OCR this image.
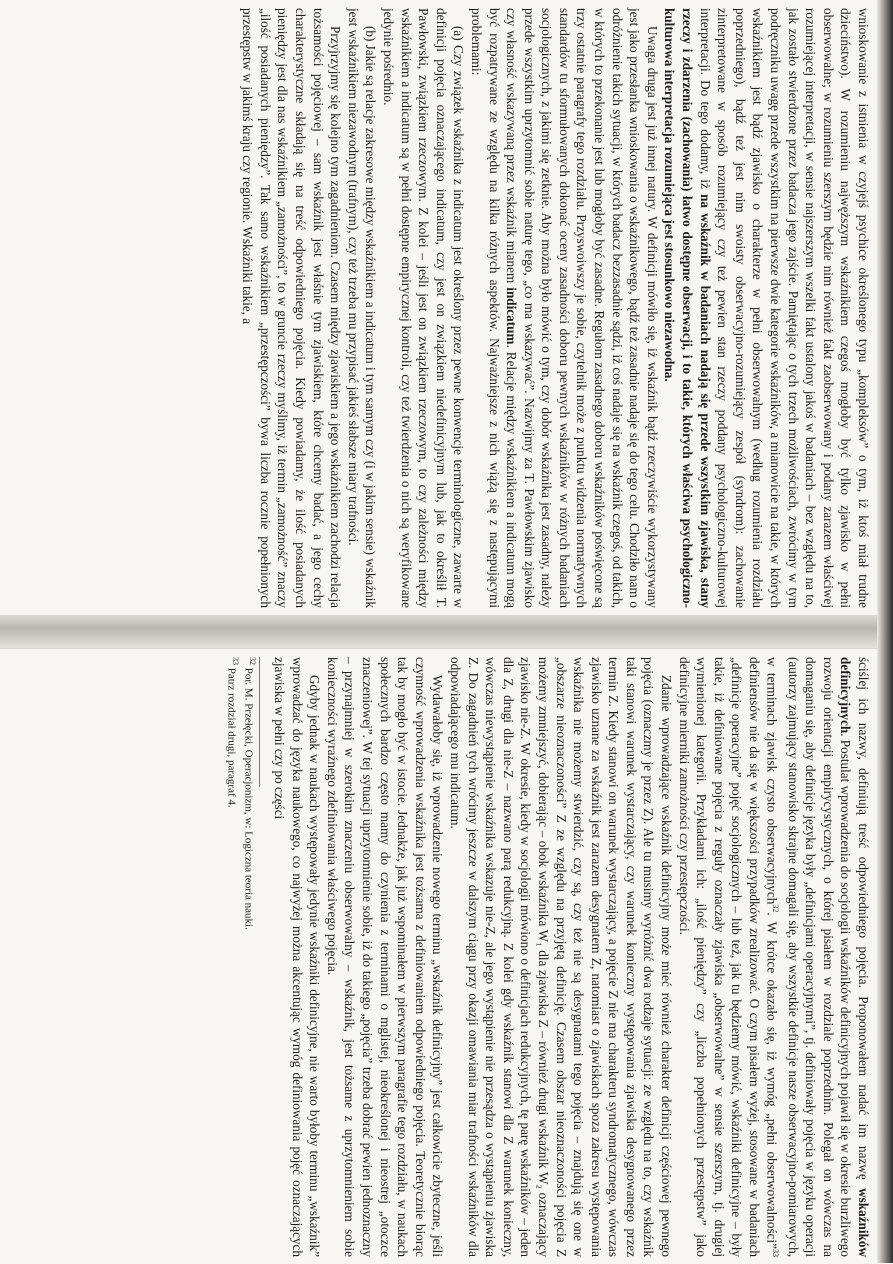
wnioskowanie z istnienia w czyjejś psychice określonego typu „kompleksów” o tym, iż ktoś miał trudne dzieciństwo). W rozumieniu najwęższym wskaźnikiem czegoś mogłoby być tylko zjawisko w pełni obserwowalne; w rozumieniu szerszym będzie nim również fakt zaobserwowany i podany zarazem właściwej rozumiejącej interpretacji, w sensie najszerszym wszelki fakt ustalony jakoś w badaniach – bez względu na to, jak zostało stwierdzone przez badacza jego zajście. Pamiętając o tych trzech możliwościach, zwrócimy w tym podręczniku uwagę przede wszystkim na pierwsze dwie kategorie wskaźników, a mianowicie na takie, w których wskaźnikiem jest bądź zjawisko o charakterze w pełni obserwowalnym (według rozumienia rozdziału poprzedniego), bądź też jest nim swoisty obserwacyjno-rozumiejący zespół (syndrom): zachowanie zinterpretowane w sposób rozumiejący czy też pewien stan rzeczy poddany psychologiczno-kulturowej interpretacji. Do tego dodamy, iż na wskaźnik w badaniach nadają się przede wszystkim zjawiska, stany rzeczy i zdarzenia (zachowania) łatwo dostępne obserwacji, i to takie, których właściwa psychologiczno-kulturowa interpretacja rozumiejąca jest stosunkowo niezawodna.

Uwaga druga jest już innej natury. W definicji mówiło się, iż wskaźnik bądź rzeczywiście wykorzystywany jest jako przesłanka wnioskowania o wskaźnikowego, bądź też zasadnie nadaje się do tego celu. Chodziło nam o odróżnienie takich sytuacji, w których badacz bezzasadnie sądzi, iż coś nadaje się na wskaźnik czegoś, od takich, w których to przekonanie jest lub mogłoby być zasadne. Regułom zasadnego doboru wskaźników poświęcone są trzy ostatnie paragrafy tego rozdziału. Przyswoiwszy je sobie, czytelnik może z punktu widzenia normatywnych standardów tu sformułowanych dokonać oceny zasadności doboru pewnych wskaźników w różnych badaniach socjologicznych, z jakimi się zetknie. Aby można było mówić o tym, czy dobór wskaźnika jest zasadny, należy przede wszystkim uprzytomnić sobie naturę tego, „co ma wskazywać”. Nazwijmy za T. Pawłowskim zjawisko czy własność wskazywaną przez wskaźnik mianem indicatum. Relacje między wskaźnikiem a indicatum mogą być rozpatrywane ze względu na kilka różnych aspektów. Najważniejsze z nich wiążą się z następującymi problemami:

(a) Czy związek wskaźnika z indicatum jest określony przez pewne konwencje terminologiczne, zawarte w definicji pojęcia oznaczającego indicatum, czy jest on związkiem niedefinicyjnym lub, jak to określił T. Pawłowski, związkiem rzeczowym. Z kolei – jeśli jest on związkiem rzeczowym, to czy zależności między wskaźnikiem a indicatum są w pełni dostępne empirycznej kontroli, czy też twierdzenia o nich są weryfikowane jedynie pośrednio.

(b) Jakie są relacje zakresowe między wskaźnikiem a indicatum i tym samym czy (i w jakim sensie) wskaźnik jest wskaźnikiem niezawodnym (trafnym), czy też trzeba mu przypisać jakieś słabsze miary trafności.

Przyjrzyjmy się kolejno tym zagadnieniom. Czasem między zjawiskiem a jego wskaźnikiem zachodzi relacja tożsamości pojęciowej – sam wskaźnik jest właśnie tym zjawiskiem, które chcemy badać, a jego cechy charakterystyczne składają się na treść odpowiedniego pojęcia. Kiedy powiadamy, że ilość posiadanych pieniędzy jest dla nas wskaźnikiem „zamożności”, to w gruncie rzeczy myślimy, iż termin „zamożność” znaczy „ilość posiadanych pieniędzy”. Tak samo wskaźnikiem „przestępczości” bywa liczba rocznie popełnionych przestępstw w jakimś kraju czy regionie. Wskaźniki takie, a

ściślej ich nazwy, definiują treść odpowiedniego pojęcia. Proponowałem nadać im nazwę wskaźników definicyjnych. Postulat wprowadzenia do socjologii wskaźników definicyjnych pojawił się w okresie burzliwego rozwoju orientacji empirycystycznych, o której pisałem w rozdziale poprzednim. Polegał on wówczas na domaganiu się, aby definicje języka były „definicjami operacyjnymi”, tj. definiowały pojęcia w języku operacji (autorzy zajmujący stanowisko skrajne domagali się, aby wszystkie definicje nasze obserwacyjno-pomiarowych, w terminach zjawisk czysto obserwacyjnych$^{32}$. W krótce okazało się, iż wymóg „pełni obserwowalności”$^{33}$ definiensów nie da się w większości przypadków zrealizować. O czym pisałem wyżej, stosowane w badaniach „definicje operacyjne” pojęć socjologicznych – lub też, jak tu będziemy mówić, wskaźniki definicyjne – były takie, iż definiowane pojęcia z reguły oznaczały zjawiska „obserwowalne” w sensie szerszym, tj. drugiej wymienionej kategorii. Przykładami ich: „ilość pieniędzy” czy „liczba popełnionych przestępstw” jako definicyjne mierniki zamożności czy przestępczości.

Zdanie wprowadzające wskaźnik definicyjny może mieć również charakter definicji częściowej pewnego pojęcia (oznaczmy je przez Z). Ale tu musimy wyróżnić dwa rodzaje sytuacji: ze względu na to, czy wskaźnik taki stanowi warunek wystarczający, czy warunek konieczny występowania zjawiska desygnowanego przez termin Z. Kiedy stanowi on warunek wystarczający, a pojęcie Z nie ma charakteru syndromatycznego, wówczas zjawisko uznane za wskaźnik jest zarazem desygnatem Z, natomiast o zjawiskach spoza zakresu występowania wskaźnika nie możemy stwierdzić, czy są, czy też nie są desygnatami tego pojęcia – znajdują się one w „obszarze nieoznaczoności” Z ze względu na przyjętą definicję. Czasem obszar nieoznaczoności pojęcia Z możemy zmniejszyć, dobierając – obok wskaźnika W₁ dla zjawiska Z – również drugi wskaźnik W₂ oznaczający zjawisko nie-Z. W okresie, kiedy w socjologii mówiono o definicjach redukcyjnych, tę parę wskaźników – jeden dla Z, drugi dla nie-Z – nazwano parą redukcyjną. Z kolei gdy wskaźnik stanowi dla Z warunek konieczny, wówczas niewystąpienie wskaźnika wskazuje nie-Z, ale jego wystąpienie nie przesądza o wystąpieniu zjawiska Z. Do zagadnień tych wrócimy jeszcze w dalszym ciągu przy okazji omawiania miar trafności wskaźników dla odpowiadającego mu indicatum.

Wydawałoby się, iż wprowadzenie nowego terminu „wskaźnik definicyjny” jest całkowicie zbyteczne, jeśli czynność wprowadzenia wskaźnika jest tożsama z definiowaniem odpowiedniego pojęcia. Teoretycznie biorąc tak by mogło być w istocie. Jednakże, jak już wspominałem w pierwszym paragrafie tego rozdziału, w naukach społecznych bardzo często mamy do czynienia z terminami o mglistej, nieokreślonej i nieostrej „otoczce znaczeniowej”. W tej sytuacji uprzytomnienie sobie, iż do takiego „pojęcia” trzeba dobrać pewien jednoznaczny – przynajmniej w szerokim znaczeniu obserwowalny – wskaźnik, jest tożsame z uprzytomnieniem sobie konieczności wyraźnego zdefiniowania właściwego pojęcia.

Gdyby jednak w naukach występowały jedynie wskaźniki definicyjne, nie warto byłoby terminu „wskaźnik” wprowadzać do języka naukowego, co najwyżej można akcentując wymóg definiowania pojęć oznaczających zjawiska w pełni czy po części

$^{32}$ Por. M. Przełęcki, Operacjonizm, w: Logiczna teoria nauki.

$^{33}$ Patrz rozdział drugi, paragraf 4.
